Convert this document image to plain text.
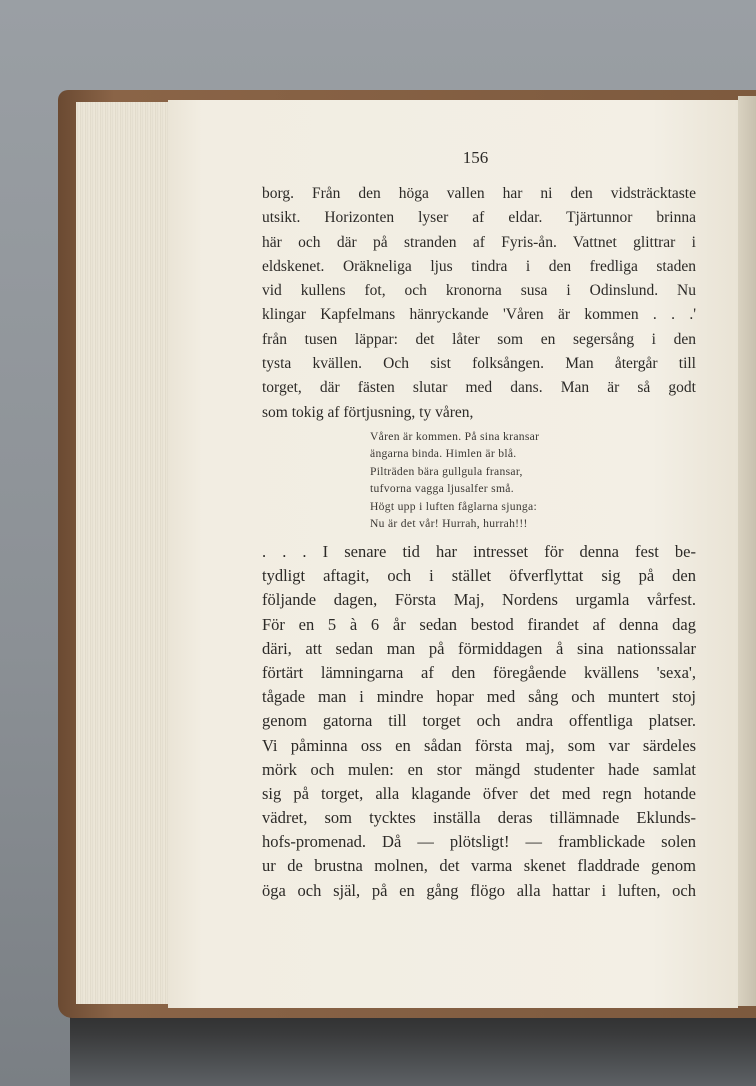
156

borg. Från den höga vallen har ni den vidsträcktaste
utsikt. Horizonten lyser af eldar. Tjärtunnor brinna
här och där på stranden af Fyris-ån. Vattnet glittrar i
eldskenet. Oräkneliga ljus tindra i den fredliga staden
vid kullens fot, och kronorna susa i Odinslund. Nu
klingar Kapfelmans hänryckande 'Våren är kommen . . .'
från tusen läppar: det låter som en segersång i den
tysta kvällen. Och sist folksången. Man återgår till
torget, där fästen slutar med dans. Man är så godt
som tokig af förtjusning, ty våren,

Våren är kommen. På sina kransar
ängarna binda. Himlen är blå.
Pilträden bära gullgula fransar,
tufvorna vagga ljusalfer små.
Högt upp i luften fåglarna sjunga:
Nu är det vår! Hurrah, hurrah!!!

. . . I senare tid har intresset för denna fest be-
tydligt aftagit, och i stället öfverflyttat sig på den
följande dagen, Första Maj, Nordens urgamla vårfest.
För en 5 à 6 år sedan bestod firandet af denna dag
däri, att sedan man på förmiddagen å sina nationssalar
förtärt lämningarna af den föregående kvällens 'sexa',
tågade man i mindre hopar med sång och muntert stoj
genom gatorna till torget och andra offentliga platser.
Vi påminna oss en sådan första maj, som var särdeles
mörk och mulen: en stor mängd studenter hade samlat
sig på torget, alla klagande öfver det med regn hotande
vädret, som tycktes inställa deras tillämnade Eklunds-
hofs-promenad. Då — plötsligt! — framblickade solen
ur de brustna molnen, det varma skenet fladdrade genom
öga och själ, på en gång flögo alla hattar i luften, och
